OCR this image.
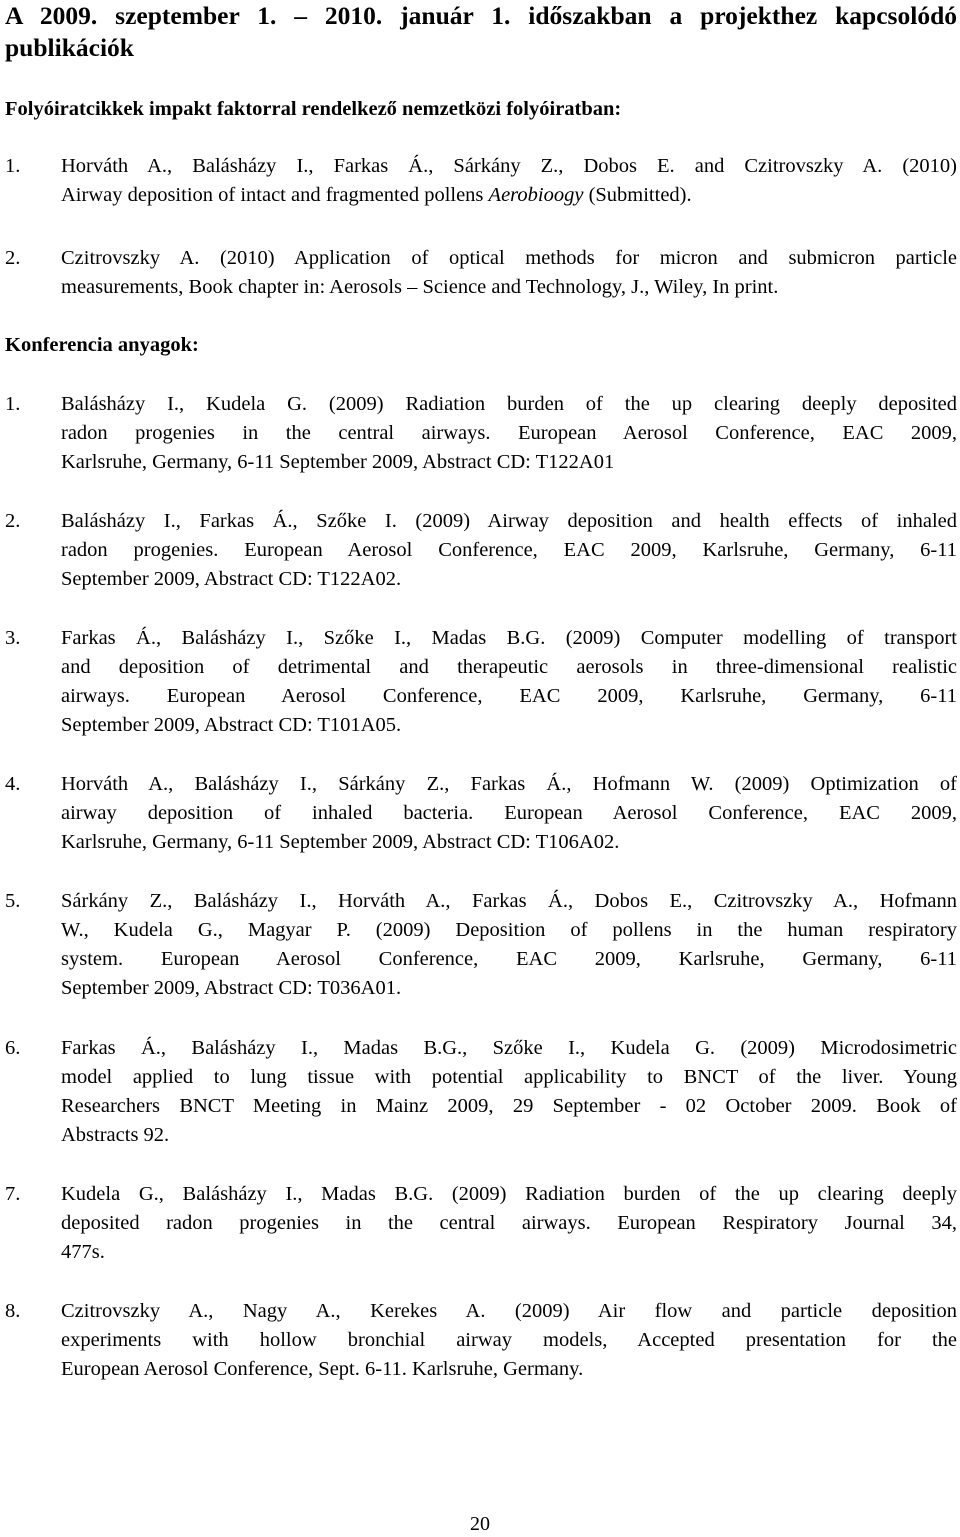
A 2009. szeptember 1. – 2010. január 1. időszakban a projekthez kapcsolódó publikációk

Folyóiratcikkek impakt faktorral rendelkező nemzetközi folyóiratban:

1. Horváth A., Balásházy I., Farkas Á., Sárkány Z., Dobos E. and Czitrovszky A. (2010)
Airway deposition of intact and fragmented pollens Aerobioogy (Submitted).

2. Czitrovszky A. (2010) Application of optical methods for micron and submicron particle
measurements, Book chapter in: Aerosols – Science and Technology, J., Wiley, In print.

Konferencia anyagok:

1. Balásházy I., Kudela G. (2009) Radiation burden of the up clearing deeply deposited
radon progenies in the central airways. European Aerosol Conference, EAC 2009,
Karlsruhe, Germany, 6-11 September 2009, Abstract CD: T122A01

2. Balásházy I., Farkas Á., Szőke I. (2009) Airway deposition and health effects of inhaled
radon progenies. European Aerosol Conference, EAC 2009, Karlsruhe, Germany, 6-11
September 2009, Abstract CD: T122A02.

3. Farkas Á., Balásházy I., Szőke I., Madas B.G. (2009) Computer modelling of transport
and deposition of detrimental and therapeutic aerosols in three-dimensional realistic
airways. European Aerosol Conference, EAC 2009, Karlsruhe, Germany, 6-11
September 2009, Abstract CD: T101A05.

4. Horváth A., Balásházy I., Sárkány Z., Farkas Á., Hofmann W. (2009) Optimization of
airway deposition of inhaled bacteria. European Aerosol Conference, EAC 2009,
Karlsruhe, Germany, 6-11 September 2009, Abstract CD: T106A02.

5. Sárkány Z., Balásházy I., Horváth A., Farkas Á., Dobos E., Czitrovszky A., Hofmann
W., Kudela G., Magyar P. (2009) Deposition of pollens in the human respiratory
system. European Aerosol Conference, EAC 2009, Karlsruhe, Germany, 6-11
September 2009, Abstract CD: T036A01.

6. Farkas Á., Balásházy I., Madas B.G., Szőke I., Kudela G. (2009) Microdosimetric
model applied to lung tissue with potential applicability to BNCT of the liver. Young
Researchers BNCT Meeting in Mainz 2009, 29 September - 02 October 2009. Book of
Abstracts 92.

7. Kudela G., Balásházy I., Madas B.G. (2009) Radiation burden of the up clearing deeply
deposited radon progenies in the central airways. European Respiratory Journal 34,
477s.

8. Czitrovszky A., Nagy A., Kerekes A. (2009) Air flow and particle deposition
experiments with hollow bronchial airway models, Accepted presentation for the
European Aerosol Conference, Sept. 6-11. Karlsruhe, Germany.

20
